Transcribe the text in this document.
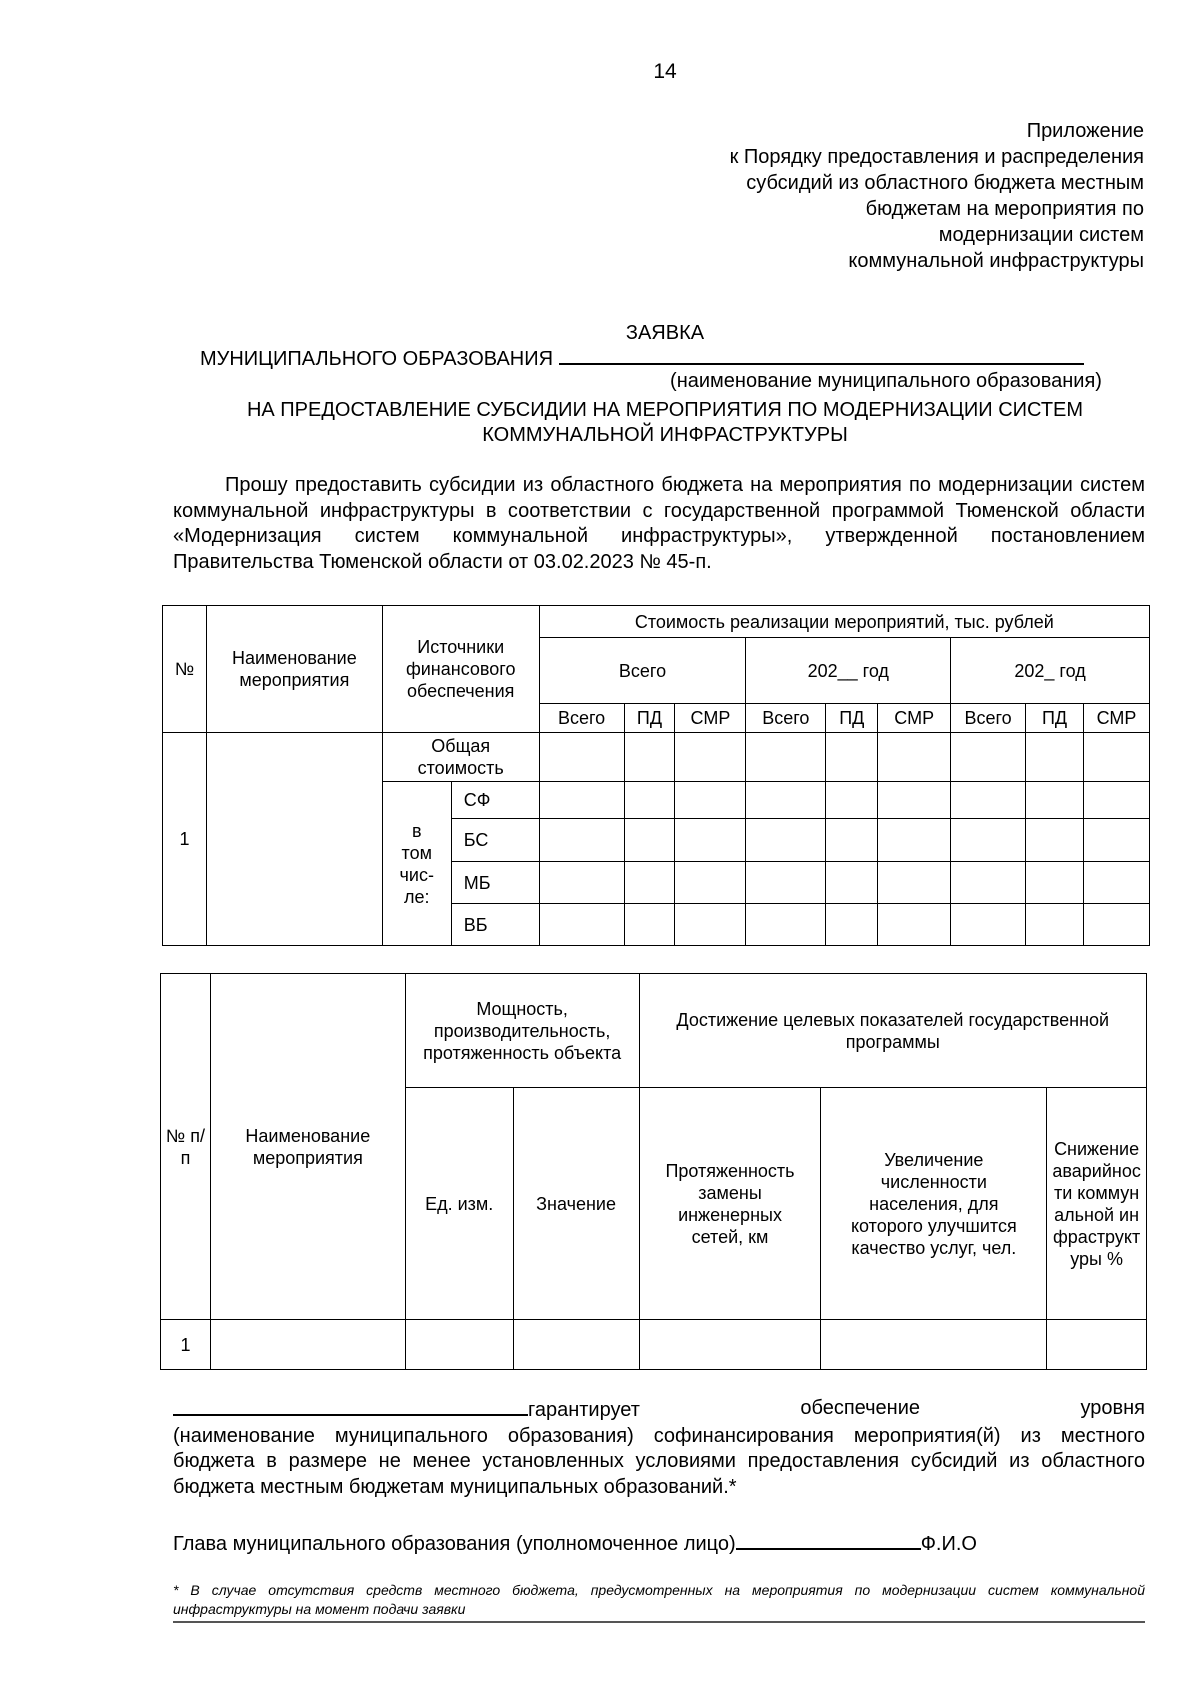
14
Приложение
к Порядку предоставления и распределения
субсидий из областного бюджета местным
бюджетам на мероприятия по
модернизации систем
коммунальной инфраструктуры
ЗАЯВКА
МУНИЦИПАЛЬНОГО ОБРАЗОВАНИЯ
(наименование муниципального образования)
НА ПРЕДОСТАВЛЕНИЕ СУБСИДИИ НА МЕРОПРИЯТИЯ ПО МОДЕРНИЗАЦИИ СИСТЕМ
КОММУНАЛЬНОЙ ИНФРАСТРУКТУРЫ

Прошу предоставить субсидии из областного бюджета на мероприятия по модернизации систем коммунальной инфраструктуры в соответствии с государственной программой Тюменской области «Модернизация систем коммунальной инфраструктуры», утвержденной постановлением Правительства Тюменской области от 03.02.2023 № 45-п.

№	Наименование мероприятия	Источники финансового обеспечения		Стоимость реализации мероприятий, тыс. рублей								
				Всего			202__ год			202_ год		
				Всего	ПД	СМР	Всего	ПД	СМР	Всего	ПД	СМР
1		Общая стоимость										
		в том чис-ле:	СФ									
			БС									
			МБ									
			ВБ									
№ п/п	Наименование мероприятия	Мощность, производительность, протяженность объекта		Достижение целевых показателей государственной программы		
		Ед. изм.	Значение	Протяженность замены инженерных сетей, км	Увеличение численности населения, для которого улучшится качество услуг, чел.	Снижение аварийности коммунальной инфраструктуры %
1						
гарантирует	обеспечение	уровня
(наименование муниципального образования) софинансирования мероприятия(й) из местного бюджета в размере не менее установленных условиями предоставления субсидий из областного бюджета местным бюджетам муниципальных образований.*
Глава муниципального образования (уполномоченное лицо)	Ф.И.О
* В случае отсутствия средств местного бюджета, предусмотренных на мероприятия по модернизации систем коммунальной инфраструктуры на момент подачи заявки
